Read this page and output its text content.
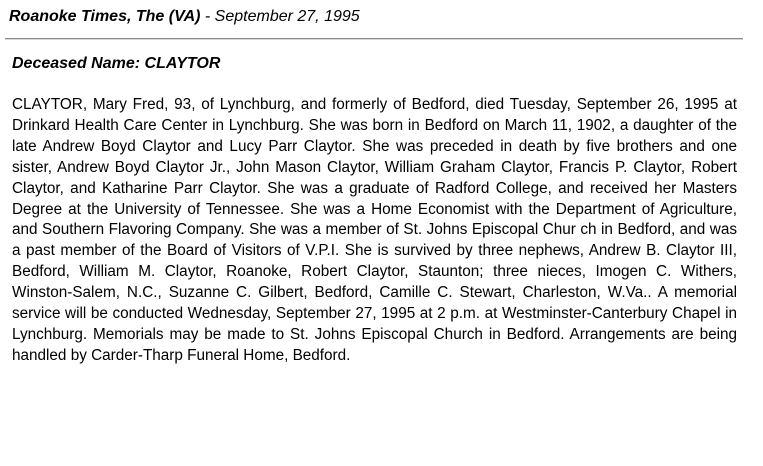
Roanoke Times, The (VA) - September 27, 1995
Deceased Name: CLAYTOR

CLAYTOR, Mary Fred, 93, of Lynchburg, and formerly of Bedford, died Tuesday, September 26, 1995 at Drinkard Health Care Center in Lynchburg. She was born in Bedford on March 11, 1902, a daughter of the late Andrew Boyd Claytor and Lucy Parr Claytor. She was preceded in death by five brothers and one sister, Andrew Boyd Claytor Jr., John Mason Claytor, William Graham Claytor, Francis P. Claytor, Robert Claytor, and Katharine Parr Claytor. She was a graduate of Radford College, and received her Masters Degree at the University of Tennessee. She was a Home Economist with the Department of Agriculture, and Southern Flavoring Company. She was a member of St. Johns Episcopal Chur ch in Bedford, and was a past member of the Board of Visitors of V.P.I. She is survived by three nephews, Andrew B. Claytor III, Bedford, William M. Claytor, Roanoke, Robert Claytor, Staunton; three nieces, Imogen C. Withers, Winston-Salem, N.C., Suzanne C. Gilbert, Bedford, Camille C. Stewart, Charleston, W.Va.. A memorial service will be conducted Wednesday, September 27, 1995 at 2 p.m. at Westminster-Canterbury Chapel in Lynchburg. Memorials may be made to St. Johns Episcopal Church in Bedford. Arrangements are being handled by Carder-Tharp Funeral Home, Bedford.
